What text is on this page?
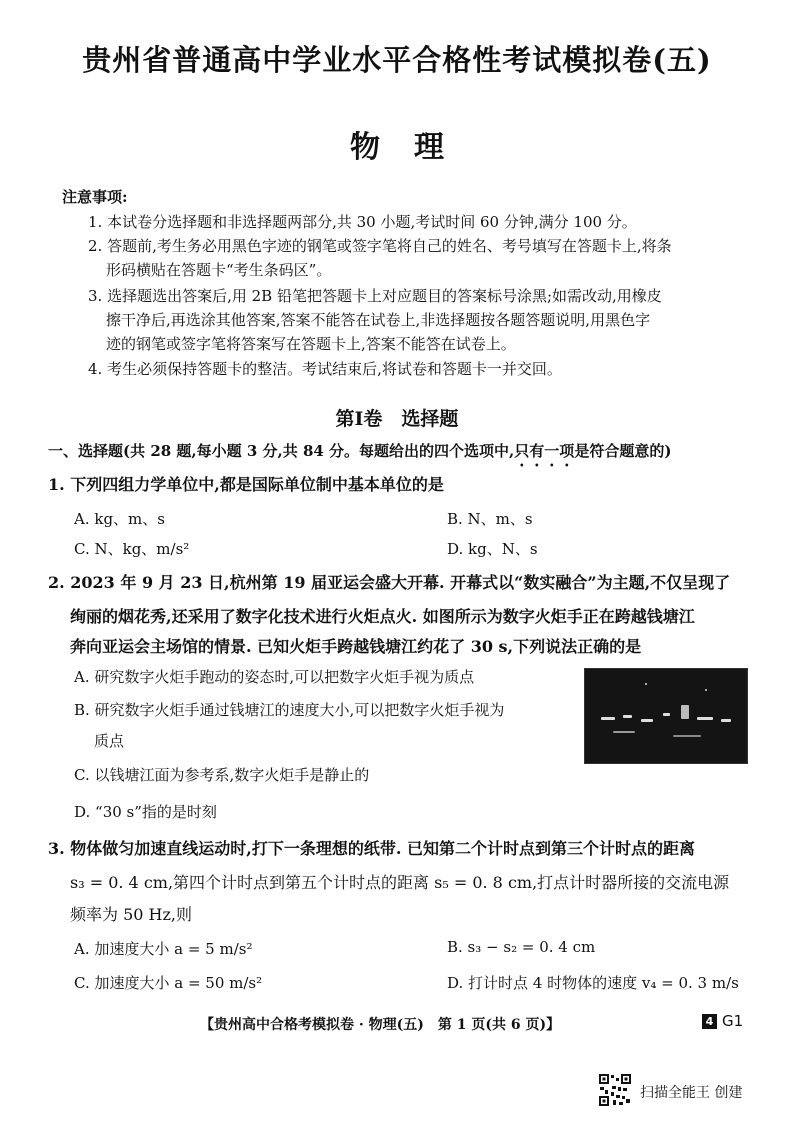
贵州省普通高中学业水平合格性考试模拟卷(五)
物理
注意事项:
1. 本试卷分选择题和非选择题两部分,共 30 小题,考试时间 60 分钟,满分 100 分。
2. 答题前,考生务必用黑色字迹的钢笔或签字笔将自己的姓名、考号填写在答题卡上,将条
形码横贴在答题卡“考生条码区”。
3. 选择题选出答案后,用 2B 铅笔把答题卡上对应题目的答案标号涂黑;如需改动,用橡皮
擦干净后,再选涂其他答案,答案不能答在试卷上,非选择题按各题答题说明,用黑色字
迹的钢笔或签字笔将答案写在答题卡上,答案不能答在试卷上。
4. 考生必须保持答题卡的整洁。考试结束后,将试卷和答题卡一并交回。
第Ⅰ卷　选择题
一、选择题(共 28 题,每小题 3 分,共 84 分。每题给出的四个选项中,只有一项是符合题意的)
1. 下列四组力学单位中,都是国际单位制中基本单位的是
A. kg、m、s	B. N、m、s
C. N、kg、m/s²	D. kg、N、s
2. 2023 年 9 月 23 日,杭州第 19 届亚运会盛大开幕. 开幕式以“数实融合”为主题,不仅呈现了
绚丽的烟花秀,还采用了数字化技术进行火炬点火. 如图所示为数字火炬手正在跨越钱塘江
奔向亚运会主场馆的情景. 已知火炬手跨越钱塘江约花了 30 s,下列说法正确的是
A. 研究数字火炬手跑动的姿态时,可以把数字火炬手视为质点
B. 研究数字火炬手通过钱塘江的速度大小,可以把数字火炬手视为
质点
C. 以钱塘江面为参考系,数字火炬手是静止的
D. “30 s”指的是时刻
3. 物体做匀加速直线运动时,打下一条理想的纸带. 已知第二个计时点到第三个计时点的距离
s₃ = 0. 4 cm,第四个计时点到第五个计时点的距离 s₅ = 0. 8 cm,打点计时器所接的交流电源
频率为 50 Hz,则
A. 加速度大小 a = 5 m/s²	B. s₃ − s₂ = 0. 4 cm
C. 加速度大小 a = 50 m/s²	D. 打计时点 4 时物体的速度 v₄ = 0. 3 m/s
【贵州高中合格考模拟卷 · 物理(五)　第 1 页(共 6 页)】	4 G1
扫描全能王 创建
